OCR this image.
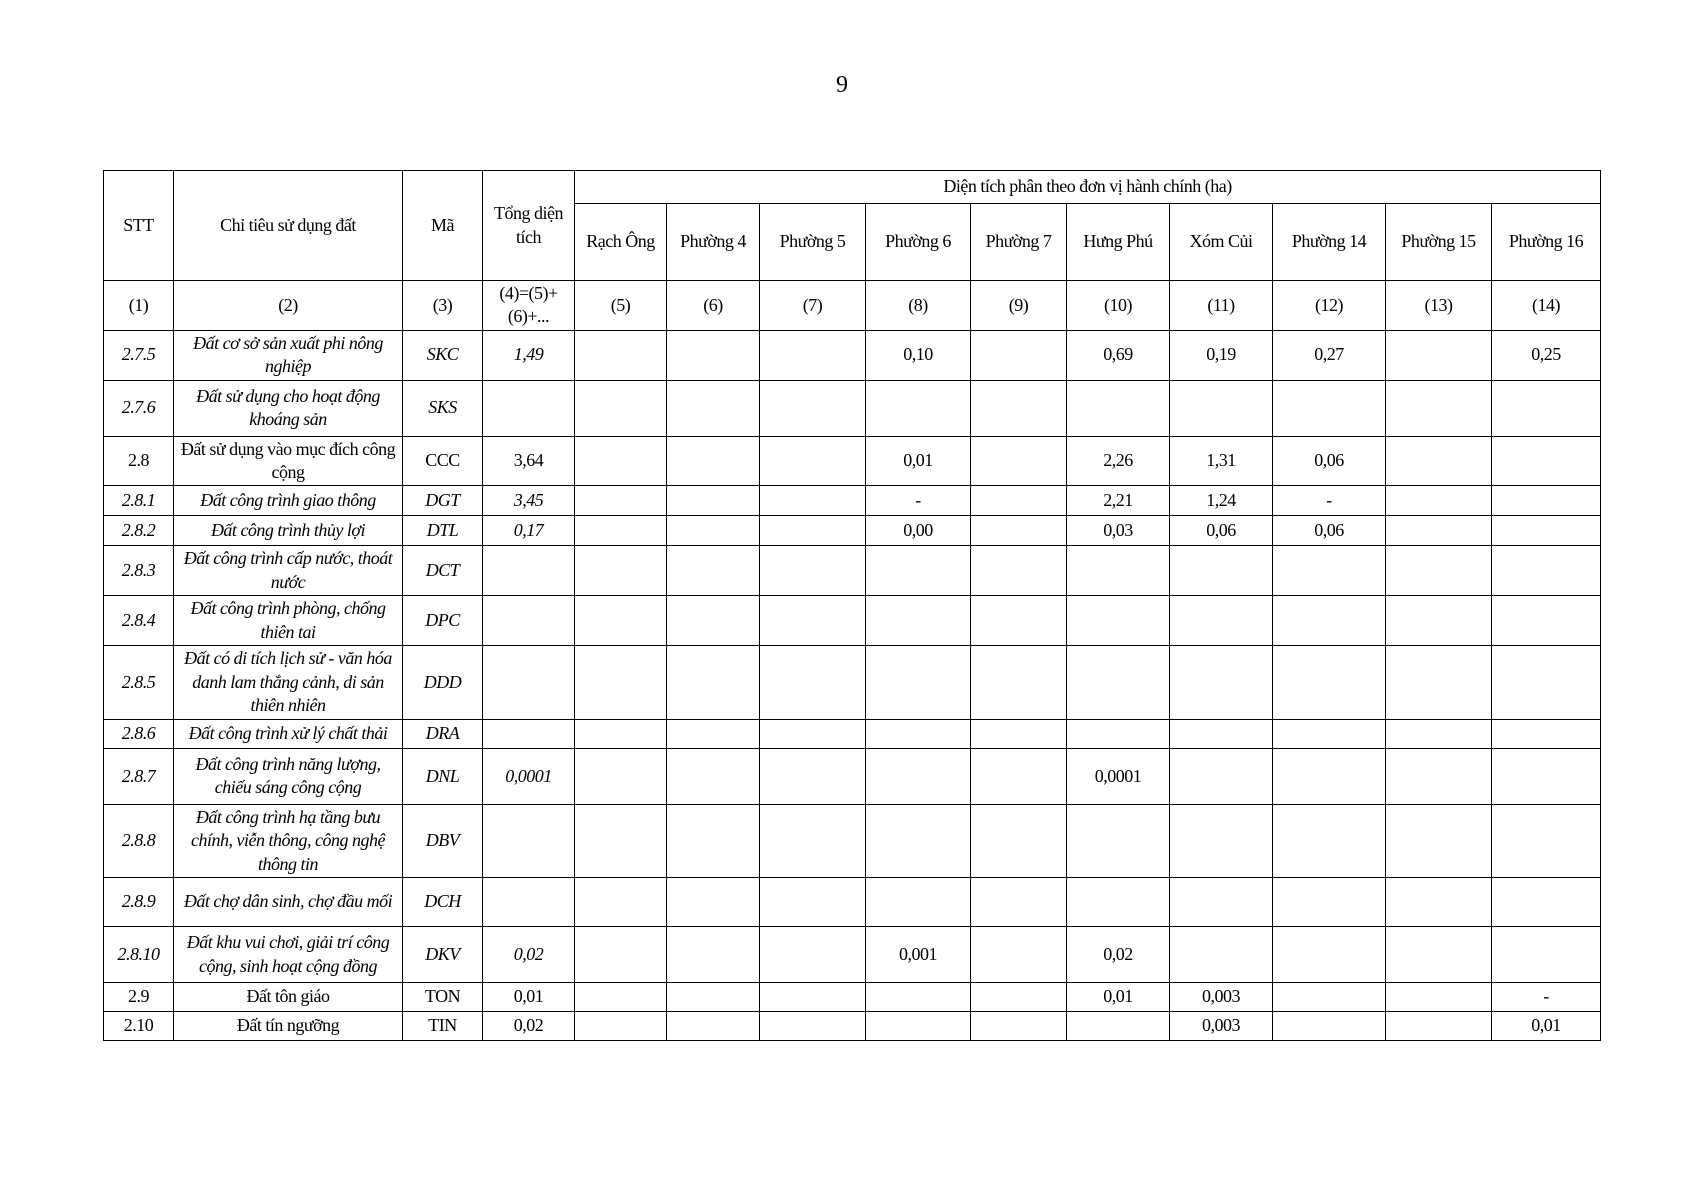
9
STT	Chỉ tiêu sử dụng đất	Mã	Tổng diện tích	Diện tích phân theo đơn vị hành chính (ha)									
				Rạch Ông	Phường 4	Phường 5	Phường 6	Phường 7	Hưng Phú	Xóm Củi	Phường 14	Phường 15	Phường 16
(1)	(2)	(3)	(4)=(5)+(6)+...	(5)	(6)	(7)	(8)	(9)	(10)	(11)	(12)	(13)	(14)
2.7.5	Đất cơ sở sản xuất phi nông nghiệp	SKC	1,49				0,10		0,69	0,19	0,27		0,25
2.7.6	Đất sử dụng cho hoạt động khoáng sản	SKS											
2.8	Đất sử dụng vào mục đích công cộng	CCC	3,64				0,01		2,26	1,31	0,06		
2.8.1	Đất công trình giao thông	DGT	3,45				-		2,21	1,24	-		
2.8.2	Đất công trình thủy lợi	DTL	0,17				0,00		0,03	0,06	0,06		
2.8.3	Đất công trình cấp nước, thoát nước	DCT											
2.8.4	Đất công trình phòng, chống thiên tai	DPC											
2.8.5	Đất có di tích lịch sử - văn hóa danh lam thắng cảnh, di sản thiên nhiên	DDD											
2.8.6	Đất công trình xử lý chất thải	DRA											
2.8.7	Đất công trình năng lượng, chiếu sáng công cộng	DNL	0,0001						0,0001				
2.8.8	Đất công trình hạ tầng bưu chính, viễn thông, công nghệ thông tin	DBV											
2.8.9	Đất chợ dân sinh, chợ đầu mối	DCH											
2.8.10	Đất khu vui chơi, giải trí công cộng, sinh hoạt cộng đồng	DKV	0,02				0,001		0,02				
2.9	Đất tôn giáo	TON	0,01						0,01	0,003			-
2.10	Đất tín ngưỡng	TIN	0,02							0,003			0,01
